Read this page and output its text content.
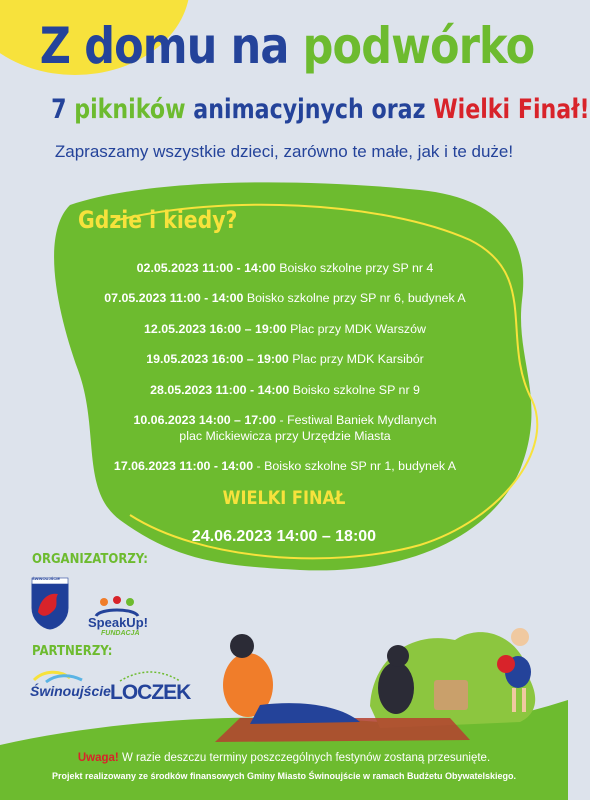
Z domu na podwórko
7 pikników animacyjnych oraz Wielki Finał!
Zapraszamy wszystkie dzieci, zarówno te małe, jak i te duże!
Gdzie i kiedy?
02.05.2023 11:00 - 14:00 Boisko szkolne przy SP nr 4
07.05.2023 11:00 - 14:00 Boisko szkolne przy SP nr 6, budynek A
12.05.2023 16:00 – 19:00 Plac przy MDK Warszów
19.05.2023 16:00 – 19:00 Plac przy MDK Karsibór
28.05.2023 11:00 - 14:00 Boisko szkolne SP nr 9
10.06.2023 14:00 – 17:00 - Festiwal Baniek Mydlanych
plac Mickiewicza przy Urzędzie Miasta
17.06.2023 11:00 - 14:00 - Boisko szkolne SP nr 1, budynek A
WIELKI FINAŁ
24.06.2023 14:00 – 18:00
ORGANIZATORZY:
ŚWINOUJŚCIE
SpeakUp!
FUNDACJA
PARTNERZY:
Świnoujście LOCZEK
Uwaga! W razie deszczu terminy poszczególnych festynów zostaną przesunięte.
Projekt realizowany ze środków finansowych Gminy Miasto Świnoujście w ramach Budżetu Obywatelskiego.
